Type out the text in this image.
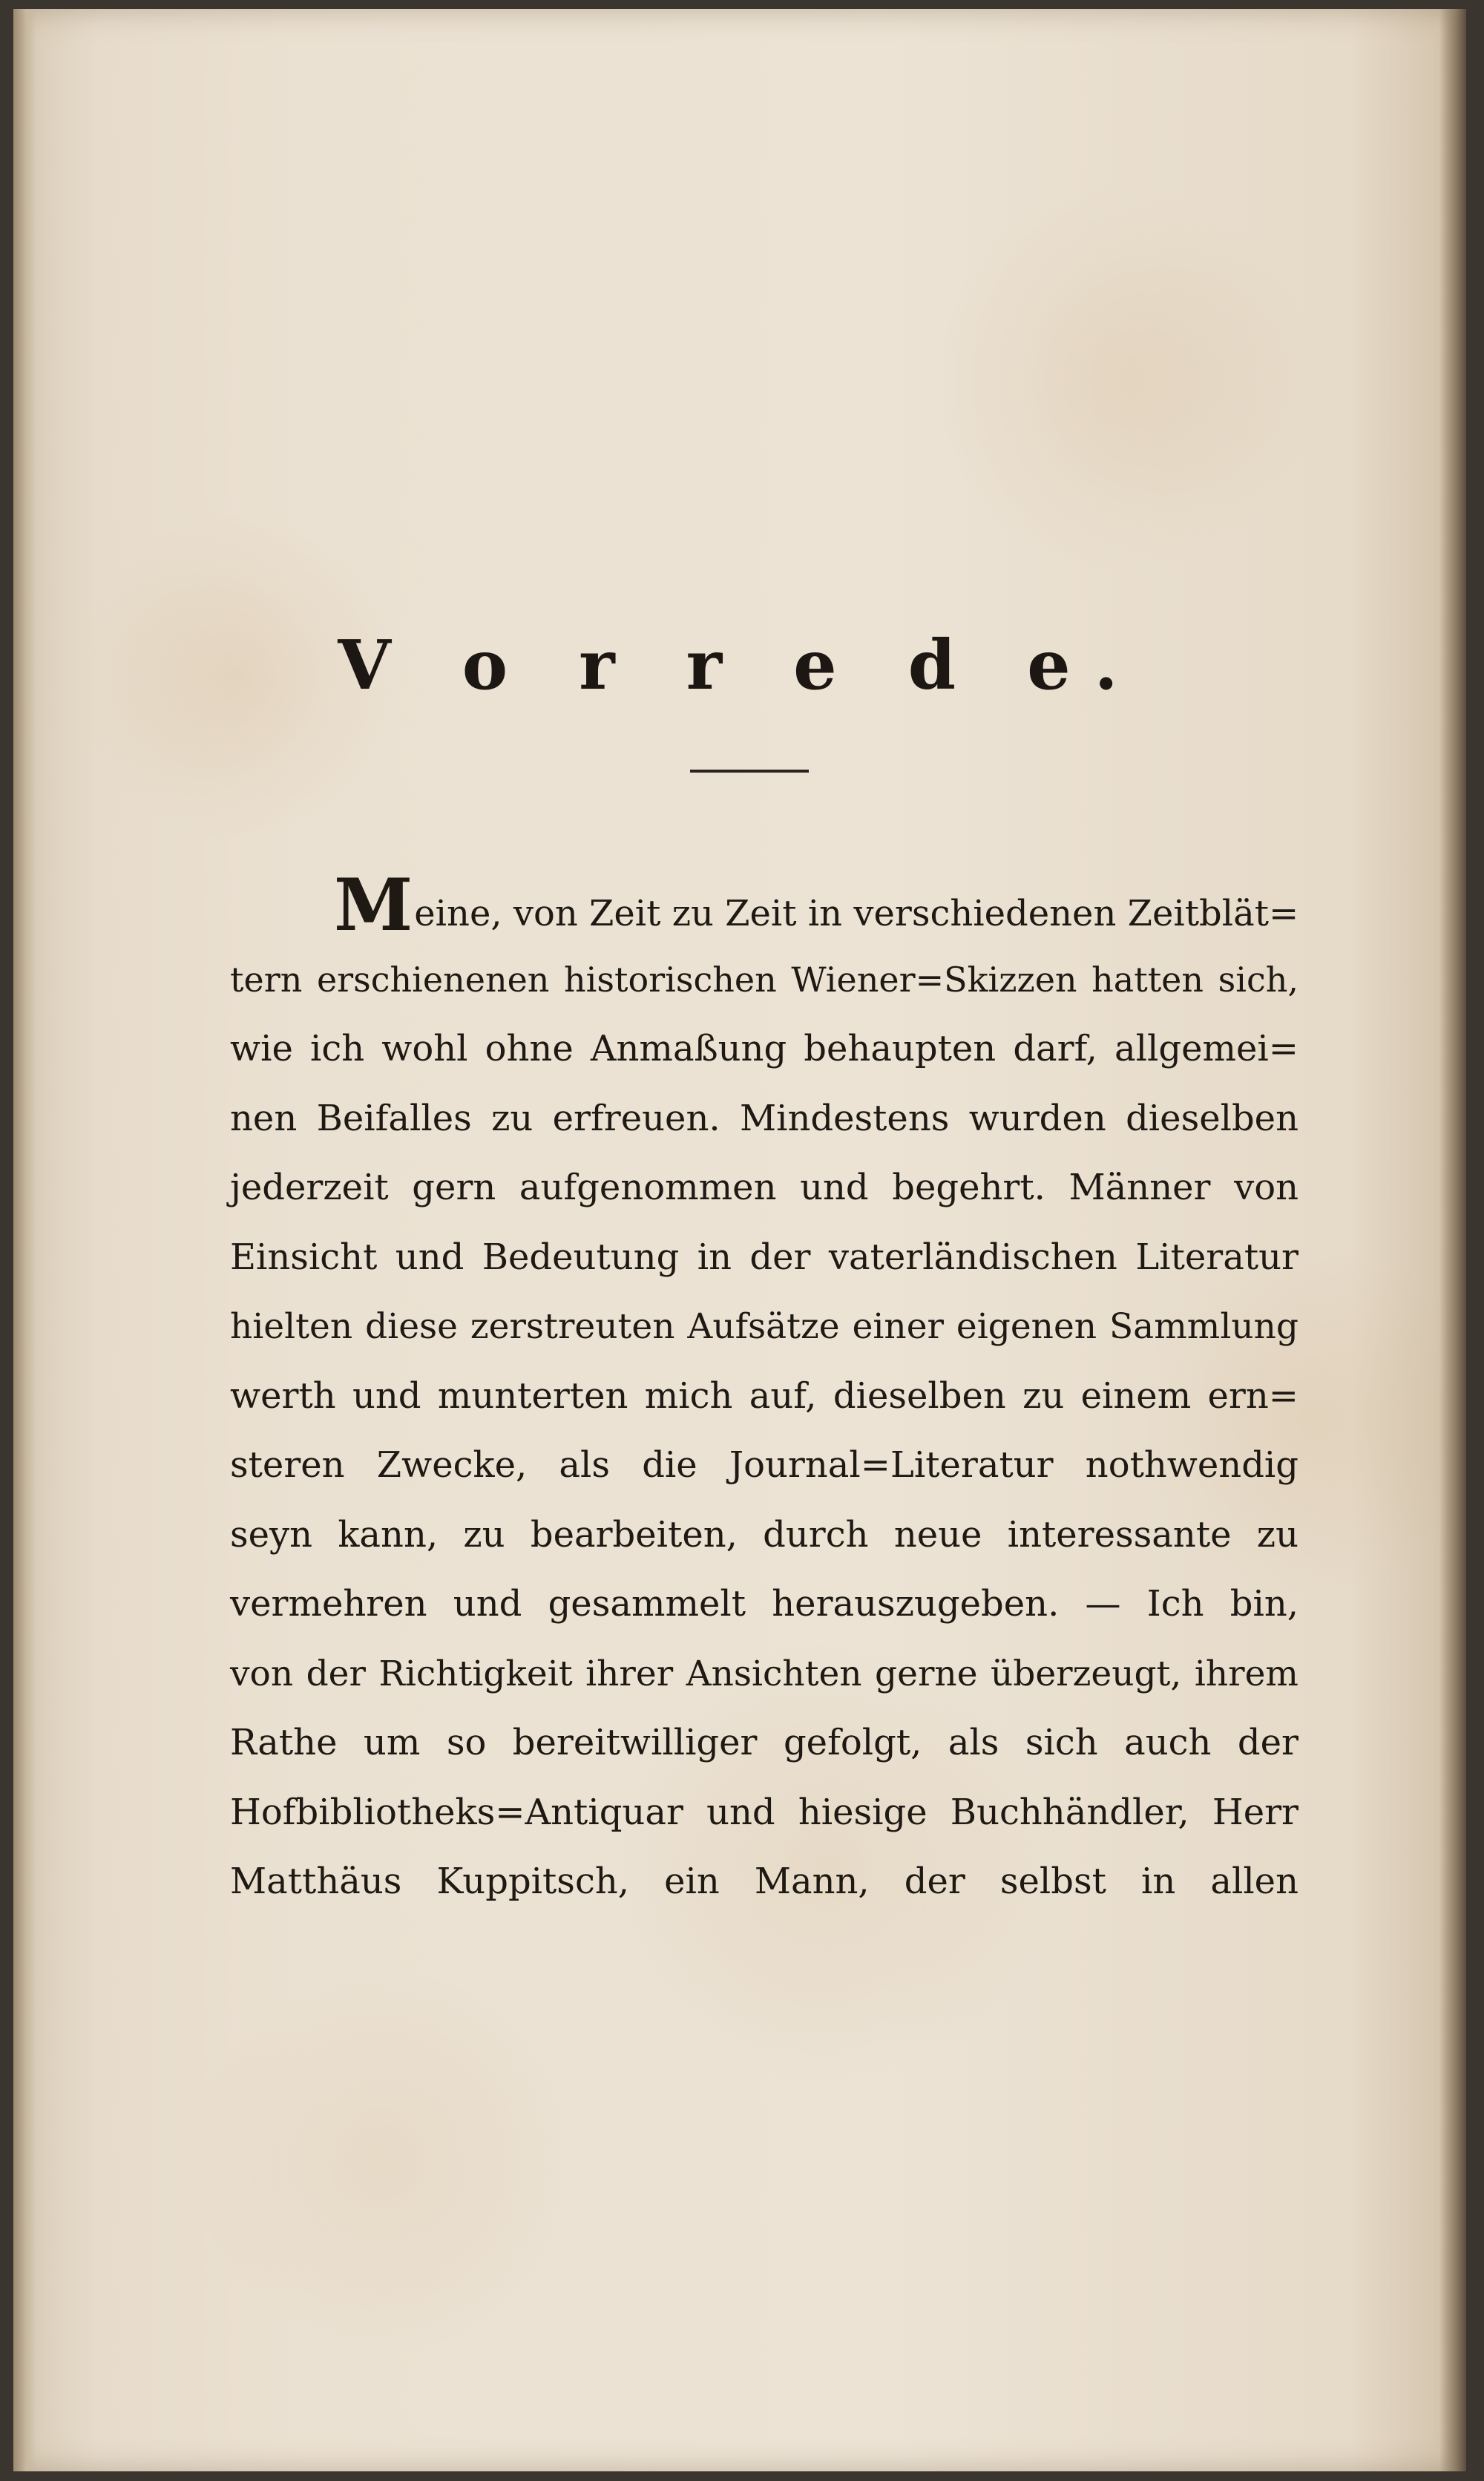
V o r r e d e.
Meine, von Zeit zu Zeit in verschiedenen Zeitblät=
tern erschienenen historischen Wiener=Skizzen hatten sich,
wie ich wohl ohne Anmaßung behaupten darf, allgemei=
nen Beifalles zu erfreuen. Mindestens wurden dieselben
jederzeit gern aufgenommen und begehrt. Männer von
Einsicht und Bedeutung in der vaterländischen Literatur
hielten diese zerstreuten Aufsätze einer eigenen Sammlung
werth und munterten mich auf, dieselben zu einem ern=
steren Zwecke, als die Journal=Literatur nothwendig
seyn kann, zu bearbeiten, durch neue interessante zu
vermehren und gesammelt herauszugeben. — Ich bin,
von der Richtigkeit ihrer Ansichten gerne überzeugt, ihrem
Rathe um so bereitwilliger gefolgt, als sich auch der
Hofbibliotheks=Antiquar und hiesige Buchhändler, Herr
Matthäus Kuppitsch, ein Mann, der selbst in allen
